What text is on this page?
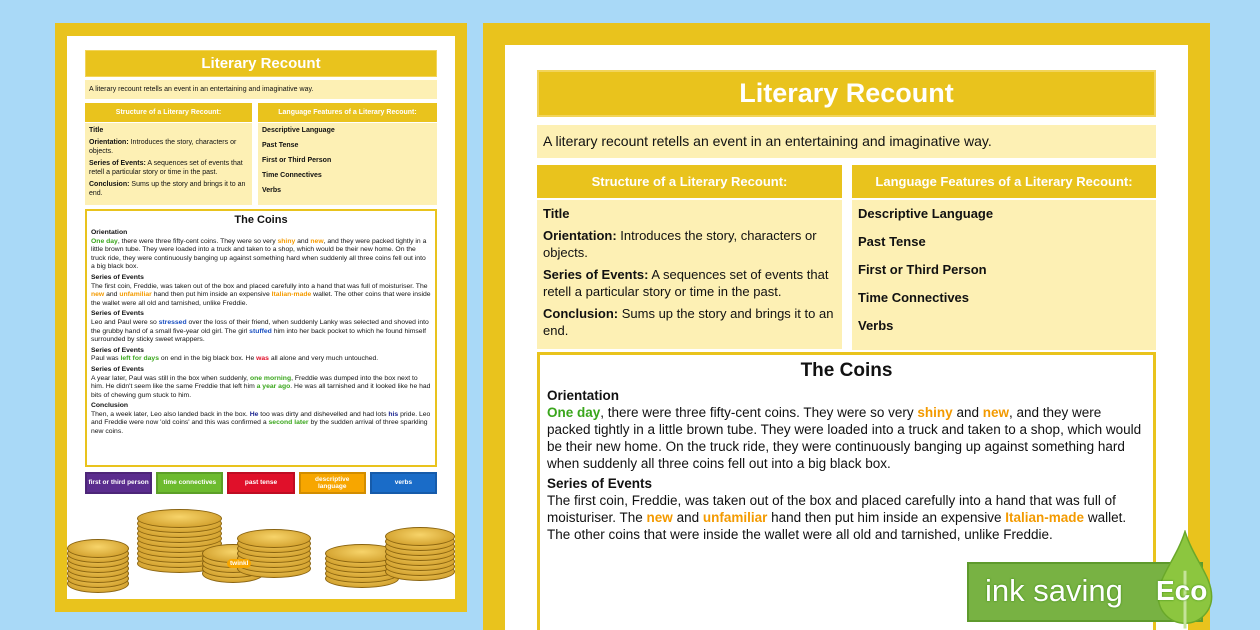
Literary Recount
A literary recount retells an event in an entertaining and imaginative way.
Structure of a Literary Recount:

Title

Orientation: Introduces the story, characters or objects.

Series of Events: A sequences set of events that retell a particular story or time in the past.

Conclusion: Sums up the story and brings it to an end.

Language Features of a Literary Recount:

Descriptive Language

Past Tense

First or Third Person

Time Connectives

Verbs

The Coins
Orientation

One day, there were three fifty-cent coins. They were so very shiny and new, and they were packed tightly in a little brown tube. They were loaded into a truck and taken to a shop, which would be their new home. On the truck ride, they were continuously banging up against something hard when suddenly all three coins fell out into a big black box.

Series of Events

The first coin, Freddie, was taken out of the box and placed carefully into a hand that was full of moisturiser. The new and unfamiliar hand then put him inside an expensive Italian-made wallet. The other coins that were inside the wallet were all old and tarnished, unlike Freddie.

Series of Events

Leo and Paul were so stressed over the loss of their friend, when suddenly Lanky was selected and shoved into the grubby hand of a small five-year old girl. The girl stuffed him into her back pocket to which he found himself surrounded by sticky sweet wrappers.

Series of Events

Paul was left for days on end in the big black box. He was all alone and very much untouched.

Series of Events

A year later, Paul was still in the box when suddenly, one morning, Freddie was dumped into the box next to him. He didn't seem like the same Freddie that left him a year ago. He was all tarnished and it looked like he had bits of chewing gum stuck to him.

Conclusion

Then, a week later, Leo also landed back in the box. He too was dirty and dishevelled and had lots his pride. Leo and Freddie were now 'old coins' and this was confirmed a second later by the sudden arrival of three sparkling new coins.

first or third person	time connectives	past tense
descriptive language
verbs
twinkl
Literary Recount
A literary recount retells an event in an entertaining and imaginative way.
Structure of a Literary Recount:

Title

Orientation: Introduces the story, characters or objects.

Series of Events: A sequences set of events that retell a particular story or time in the past.

Conclusion: Sums up the story and brings it to an end.

Language Features of a Literary Recount:

Descriptive Language

Past Tense

First or Third Person

Time Connectives

Verbs

The Coins
Orientation

One day, there were three fifty-cent coins. They were so very shiny and new, and they were packed tightly in a little brown tube. They were loaded into a truck and taken to a shop, which would be their new home. On the truck ride, they were continuously banging up against something hard when suddenly all three coins fell out into a big black box.

Series of Events

The first coin, Freddie, was taken out of the box and placed carefully into a hand that was full of moisturiser. The new and unfamiliar hand then put him inside an expensive Italian-made wallet. The other coins that were inside the wallet were all old and tarnished, unlike Freddie.

ink saving	Eco
